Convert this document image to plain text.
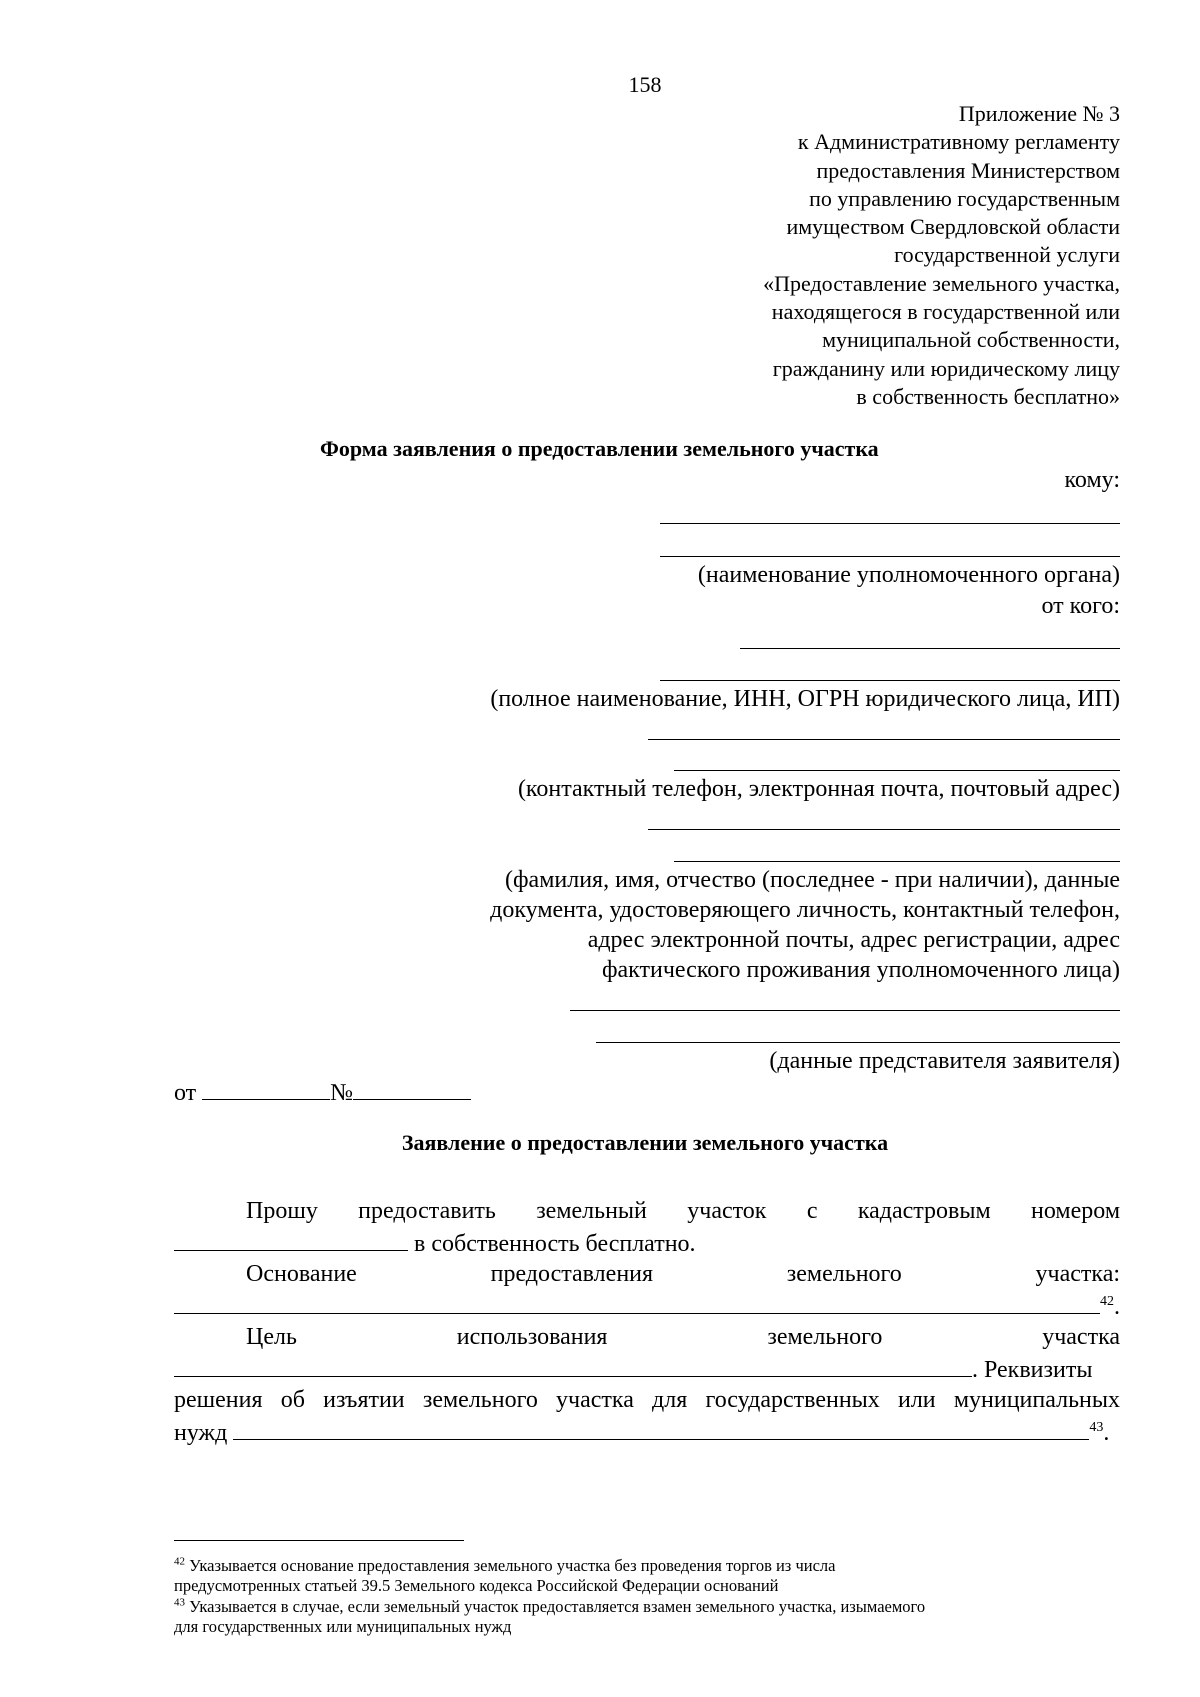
158
Приложение № 3
к Административному регламенту
предоставления Министерством
по управлению государственным
имуществом Свердловской области
государственной услуги
«Предоставление земельного участка,
находящегося в государственной или
муниципальной собственности,
гражданину или юридическому лицу
в собственность бесплатно»
Форма заявления о предоставлении земельного участка
кому:
(наименование уполномоченного органа)
от кого:
(полное наименование, ИНН, ОГРН юридического лица, ИП)
(контактный телефон, электронная почта, почтовый адрес)
(фамилия, имя, отчество (последнее - при наличии), данные
документа, удостоверяющего личность, контактный телефон,
адрес электронной почты, адрес регистрации, адрес
фактического проживания уполномоченного лица)
(данные представителя заявителя)
от	№
Заявление о предоставлении земельного участка
Прошу предоставить земельный участок с кадастровым номером
в собственность бесплатно.
Основание	предоставления	земельного	участка:
$^{42}$.
Цель	использования	земельного	участка
. Реквизиты
решения об изъятии земельного участка для государственных или муниципальных
нужд	$^{43}$.
$^{42}$ Указывается основание предоставления земельного участка без проведения торгов из числа
предусмотренных статьей 39.5 Земельного кодекса Российской Федерации оснований
$^{43}$ Указывается в случае, если земельный участок предоставляется взамен земельного участка, изымаемого
для государственных или муниципальных нужд
